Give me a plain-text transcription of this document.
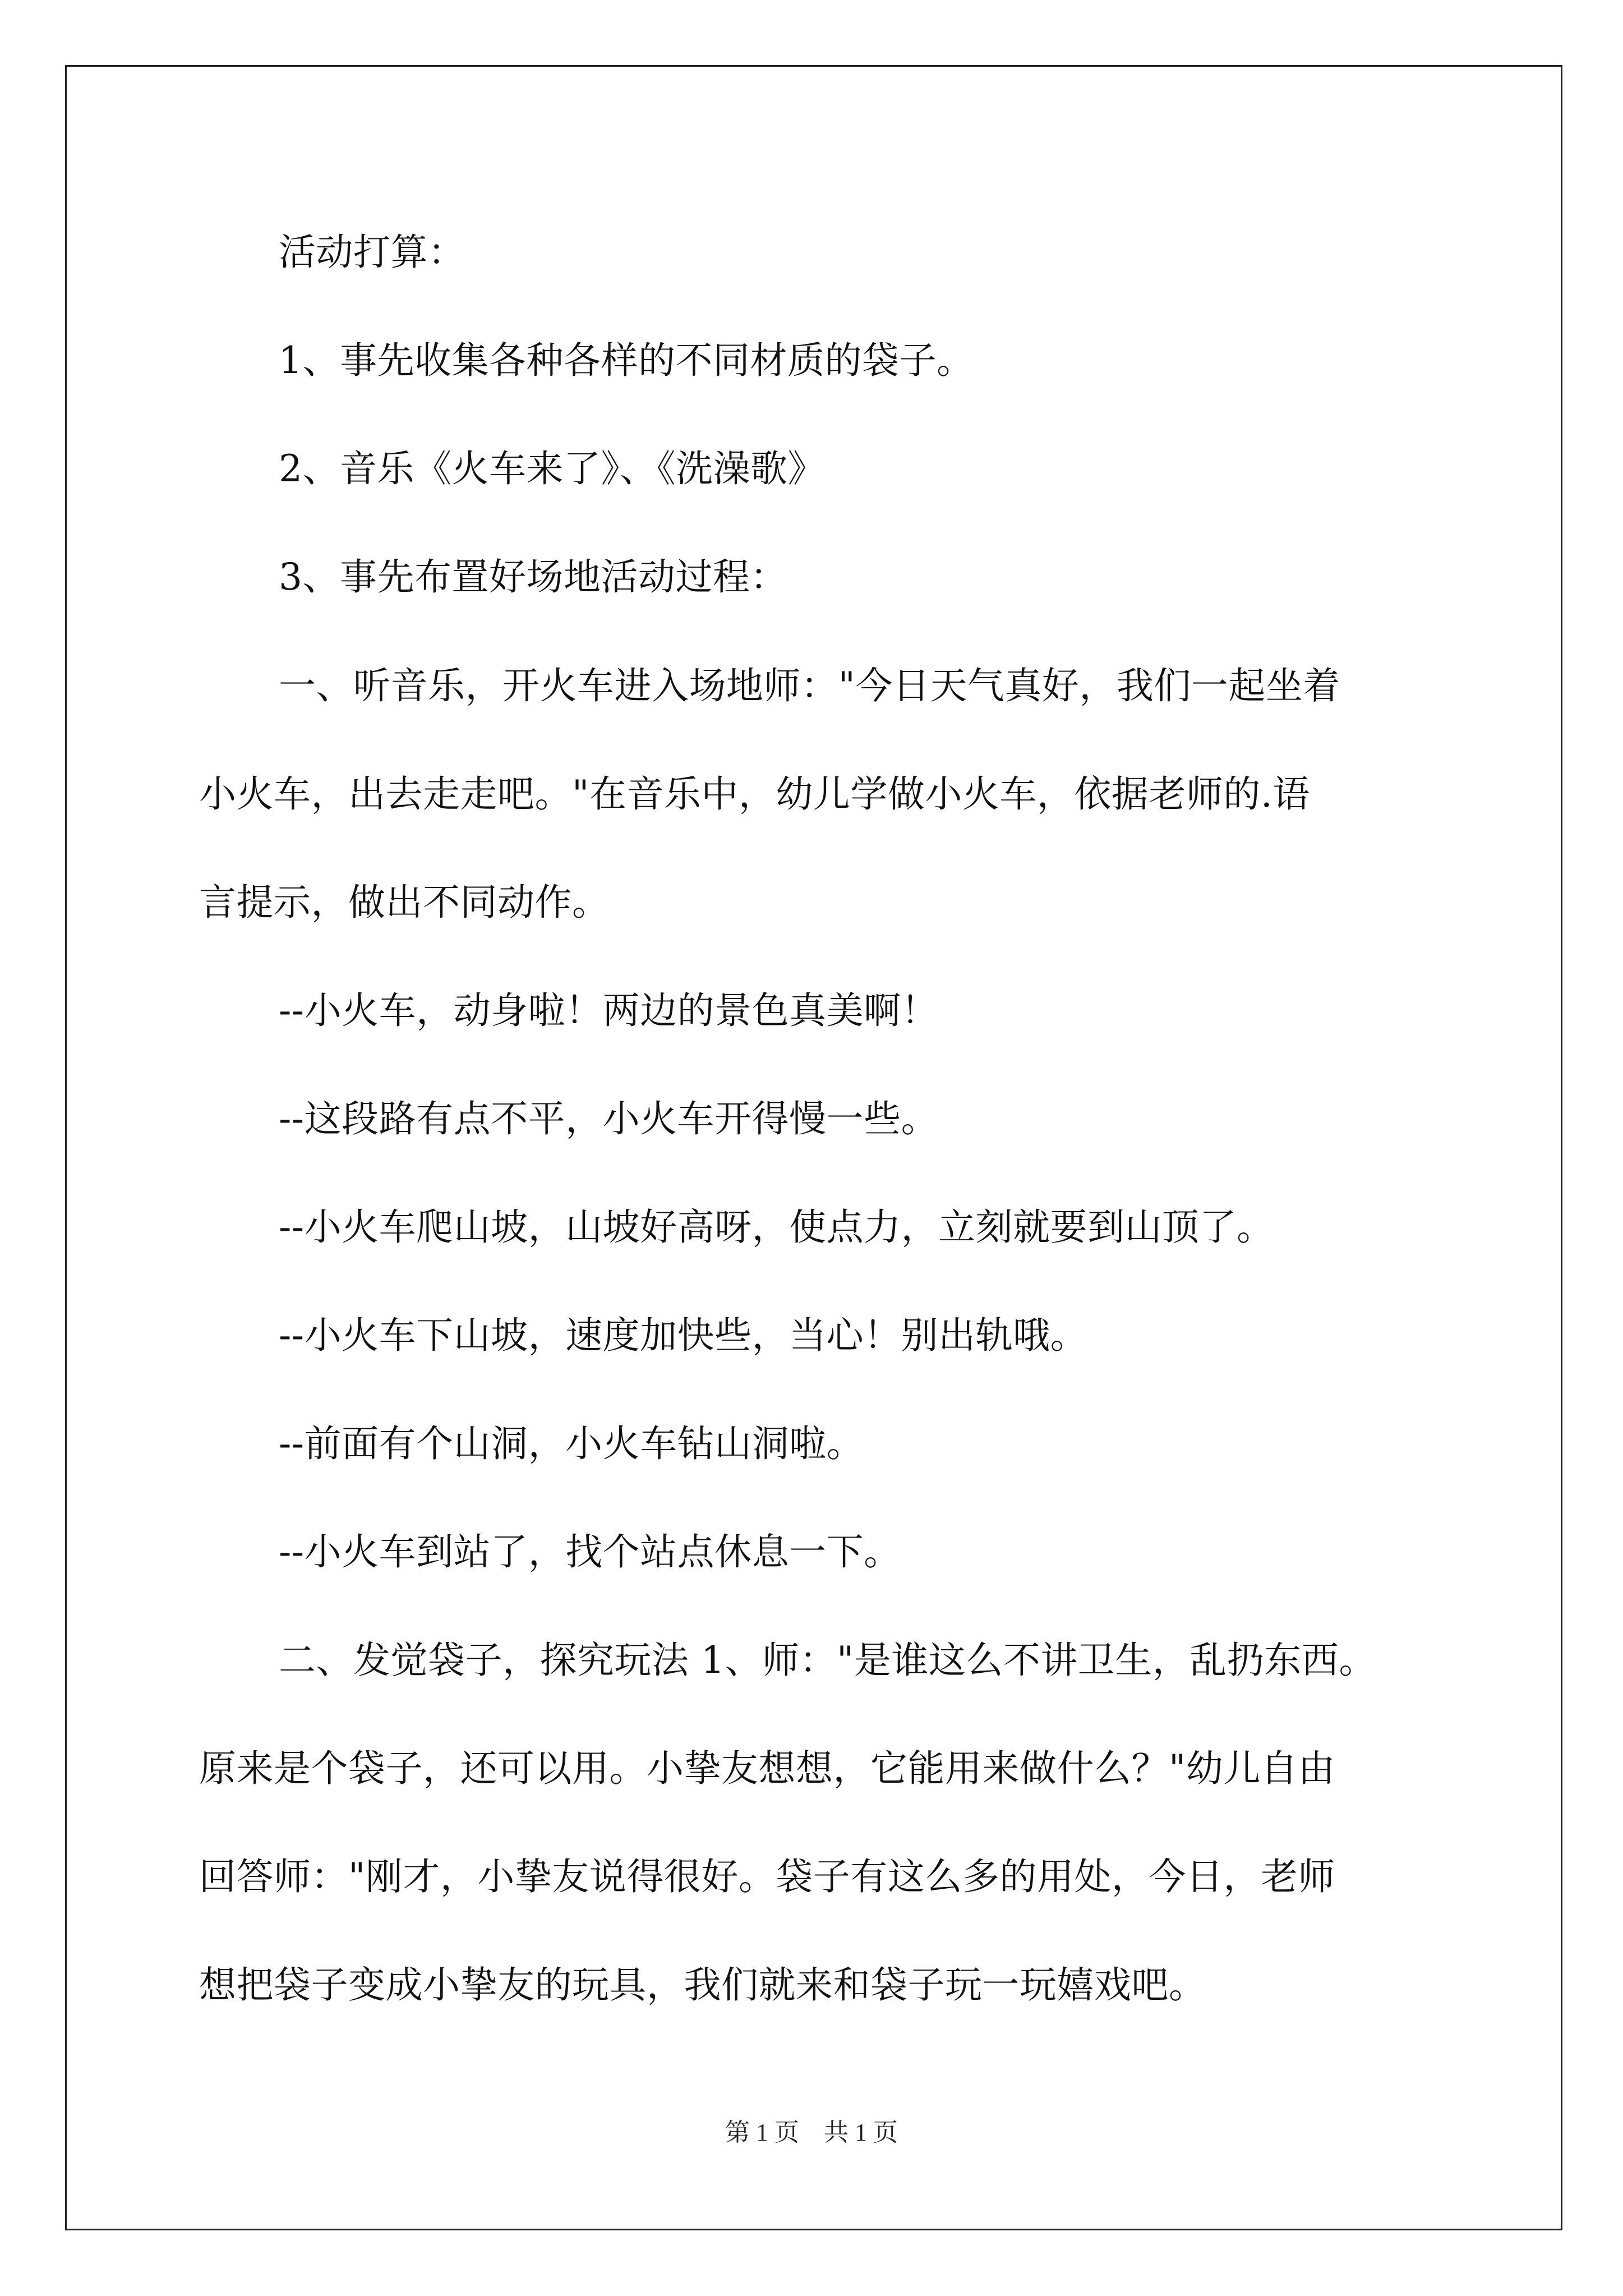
活动打算：
1、事先收集各种各样的不同材质的袋子。
2、音乐《火车来了》、《洗澡歌》
3、事先布置好场地活动过程：
一、听音乐，开火车进入场地师："今日天气真好，我们一起坐着
小火车，出去走走吧。"在音乐中，幼儿学做小火车，依据老师的.语
言提示，做出不同动作。
--小火车，动身啦！两边的景色真美啊！
--这段路有点不平，小火车开得慢一些。
--小火车爬山坡，山坡好高呀，使点力，立刻就要到山顶了。
--小火车下山坡，速度加快些，当心！别出轨哦。
--前面有个山洞，小火车钻山洞啦。
--小火车到站了，找个站点休息一下。
二、发觉袋子，探究玩法 1、师："是谁这么不讲卫生，乱扔东西。
原来是个袋子，还可以用。小挚友想想，它能用来做什么？"幼儿自由
回答师："刚才，小挚友说得很好。袋子有这么多的用处，今日，老师
想把袋子变成小挚友的玩具，我们就来和袋子玩一玩嬉戏吧。
第 1 页　共 1 页
